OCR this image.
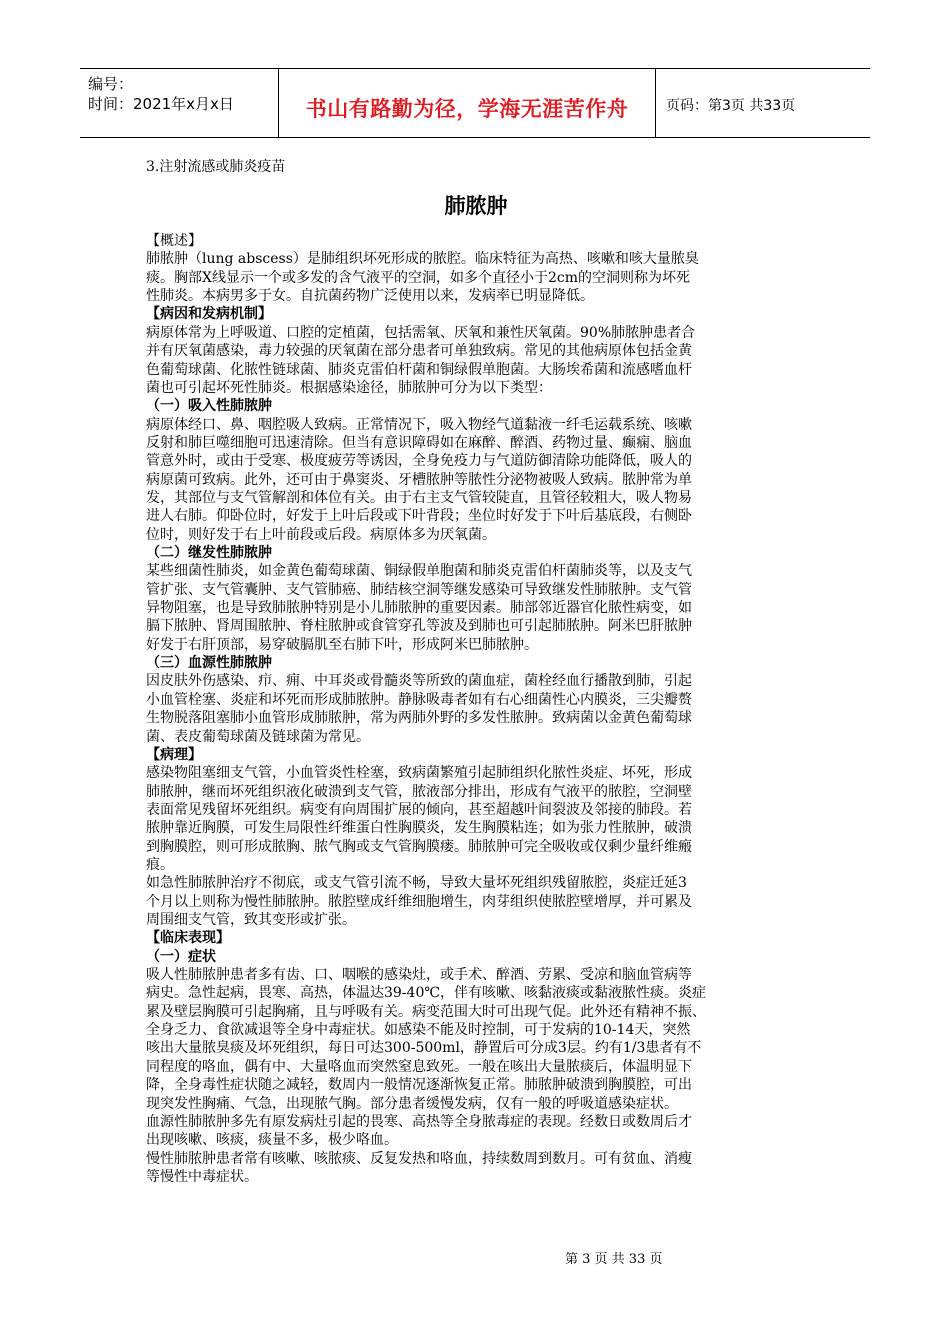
编号：
时间：2021年x月x日	书山有路勤为径，学海无涯苦作舟	页码：第3页 共33页
3.注射流感或肺炎疫苗
肺脓肿
【概述】
肺脓肿（lung abscess）是肺组织坏死形成的脓腔。临床特征为高热、咳嗽和咳大量脓臭
痰。胸部X线显示一个或多发的含气液平的空洞，如多个直径小于2cm的空洞则称为坏死
性肺炎。本病男多于女。自抗菌药物广泛使用以来，发病率已明显降低。
【病因和发病机制】
病原体常为上呼吸道、口腔的定植菌，包括需氧、厌氧和兼性厌氧菌。90%肺脓肿患者合
并有厌氧菌感染，毒力较强的厌氧菌在部分患者可单独致病。常见的其他病原体包括金黄
色葡萄球菌、化脓性链球菌、肺炎克雷伯杆菌和铜绿假单胞菌。大肠埃希菌和流感嗜血杆
菌也可引起坏死性肺炎。根据感染途径，肺脓肿可分为以下类型：
（一）吸入性肺脓肿
病原体经口、鼻、咽腔吸人致病。正常情况下，吸入物经气道黏液一纤毛运载系统、咳嗽
反射和肺巨噬细胞可迅速清除。但当有意识障碍如在麻醉、醉酒、药物过量、癫痫、脑血
管意外时，或由于受寒、极度疲劳等诱因，全身免疫力与气道防御清除功能降低，吸人的
病原菌可致病。此外，还可由于鼻窦炎、牙槽脓肿等脓性分泌物被吸人致病。脓肿常为单
发，其部位与支气管解剖和体位有关。由于右主支气管较陡直，且管径较粗大，吸人物易
进人右肺。仰卧位时，好发于上叶后段或下叶背段；坐位时好发于下叶后基底段，右侧卧
位时，则好发于右上叶前段或后段。病原体多为厌氧菌。
（二）继发性肺脓肿
某些细菌性肺炎，如金黄色葡萄球菌、铜绿假单胞菌和肺炎克雷伯杆菌肺炎等，以及支气
管扩张、支气管囊肿、支气管肺癌、肺结核空洞等继发感染可导致继发性肺脓肿。支气管
异物阻塞，也是导致肺脓肿特别是小儿肺脓肿的重要因素。肺部邻近器官化脓性病变，如
膈下脓肿、肾周围脓肿、脊柱脓肿或食管穿孔等波及到肺也可引起肺脓肿。阿米巴肝脓肿
好发于右肝顶部，易穿破膈肌至右肺下叶，形成阿米巴肺脓肿。
（三）血源性肺脓肿
因皮肤外伤感染、疖、痈、中耳炎或骨髓炎等所致的菌血症，菌栓经血行播散到肺，引起
小血管栓塞、炎症和坏死而形成肺脓肿。静脉吸毒者如有右心细菌性心内膜炎，三尖瓣赘
生物脱落阻塞肺小血管形成肺脓肿，常为两肺外野的多发性脓肿。致病菌以金黄色葡萄球
菌、表皮葡萄球菌及链球菌为常见。
【病理】
感染物阻塞细支气管，小血管炎性栓塞，致病菌繁殖引起肺组织化脓性炎症、坏死，形成
肺脓肿，继而坏死组织液化破溃到支气管，脓液部分排出，形成有气液平的脓腔，空洞壁
表面常见残留坏死组织。病变有向周围扩展的倾向，甚至超越叶间裂波及邻接的肺段。若
脓肿靠近胸膜，可发生局限性纤维蛋白性胸膜炎，发生胸膜粘连；如为张力性脓肿，破溃
到胸膜腔，则可形成脓胸、脓气胸或支气管胸膜瘘。肺脓肿可完全吸收或仅剩少量纤维瘢
痕。
如急性肺脓肿治疗不彻底，或支气管引流不畅，导致大量坏死组织残留脓腔，炎症迁延3
个月以上则称为慢性肺脓肿。脓腔壁成纤维细胞增生，肉芽组织使脓腔壁增厚，并可累及
周围细支气管，致其变形或扩张。
【临床表现】
（一）症状
吸人性肺脓肿患者多有齿、口、咽喉的感染灶，或手术、醉酒、劳累、受凉和脑血管病等
病史。急性起病，畏寒、高热，体温达39-40℃，伴有咳嗽、咳黏液痰或黏液脓性痰。炎症
累及壁层胸膜可引起胸痛，且与呼吸有关。病变范围大时可出现气促。此外还有精神不振、
全身乏力、食欲减退等全身中毒症状。如感染不能及时控制，可于发病的10-14天，突然
咳出大量脓臭痰及坏死组织，每日可达300-500ml，静置后可分成3层。约有1/3患者有不
同程度的咯血，偶有中、大量咯血而突然窒息致死。一般在咳出大量脓痰后，体温明显下
降，全身毒性症状随之减轻，数周内一般情况逐渐恢复正常。肺脓肿破溃到胸膜腔，可出
现突发性胸痛、气急，出现脓气胸。部分患者缓慢发病，仅有一般的呼吸道感染症状。
血源性肺脓肿多先有原发病灶引起的畏寒、高热等全身脓毒症的表现。经数日或数周后才
出现咳嗽、咳痰，痰量不多，极少咯血。
慢性肺脓肿患者常有咳嗽、咳脓痰、反复发热和咯血，持续数周到数月。可有贫血、消瘦
等慢性中毒症状。
第 3 页 共 33 页
